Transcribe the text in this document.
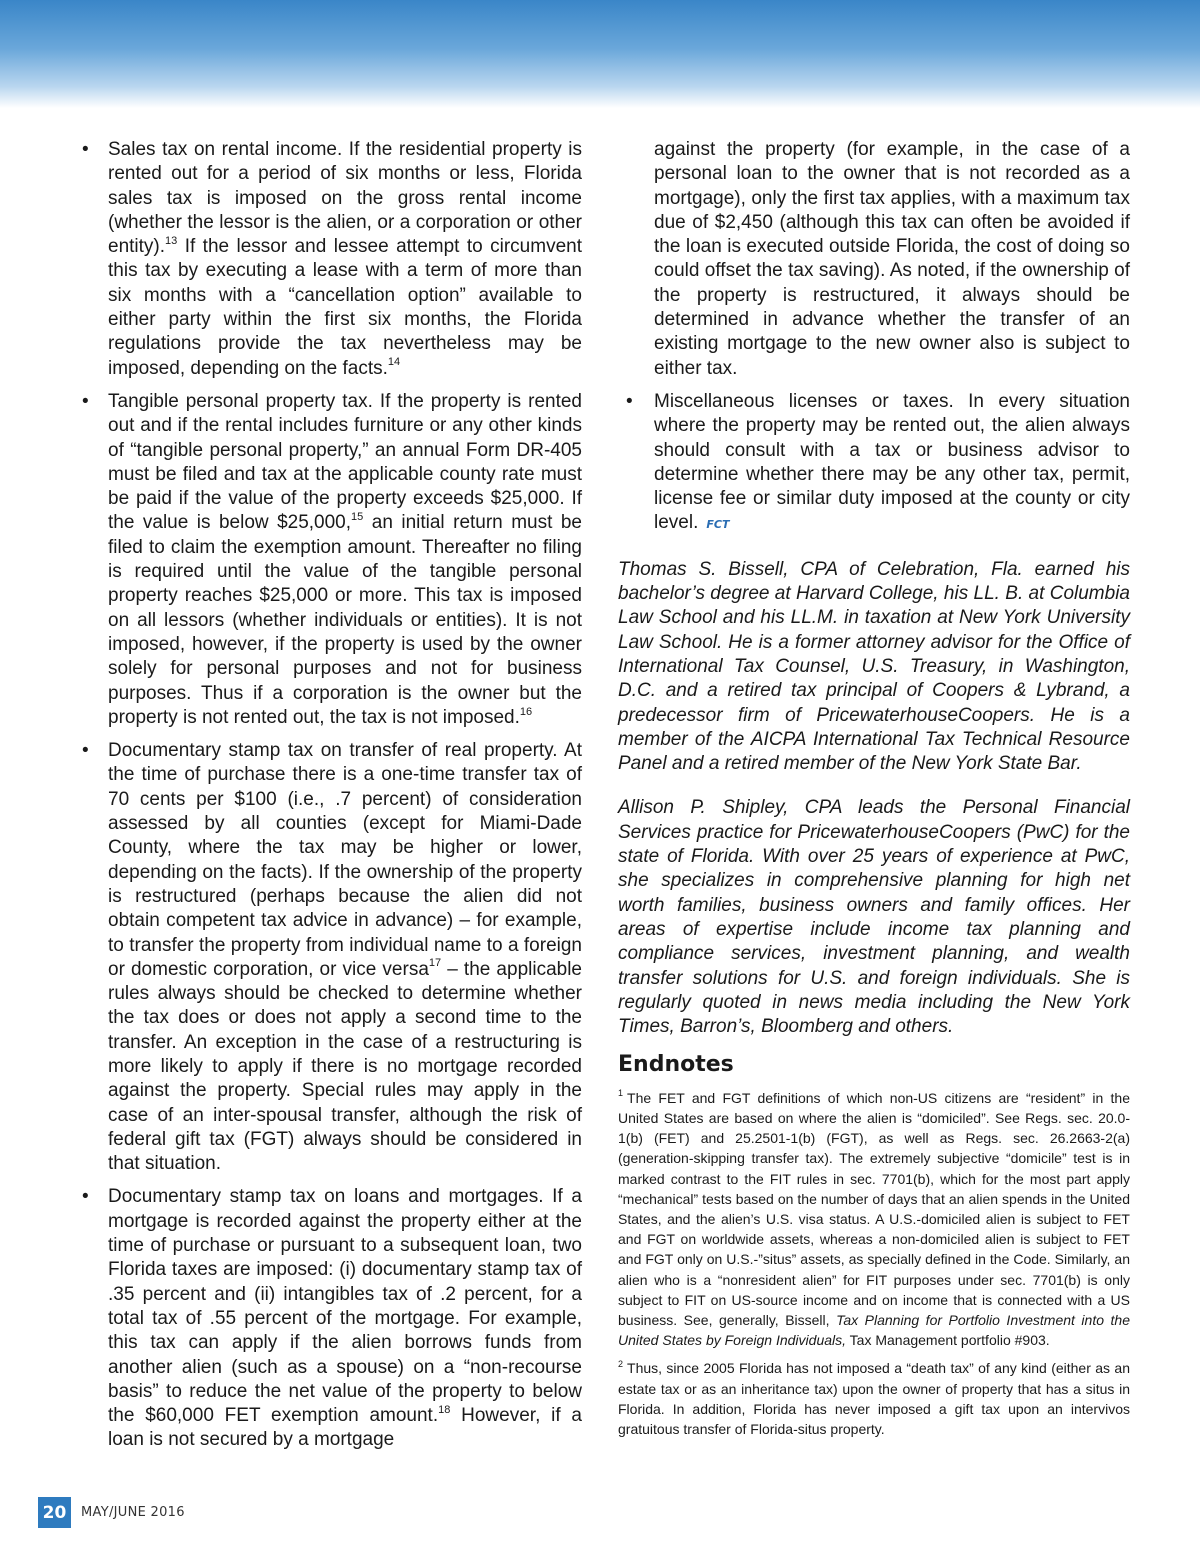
• Sales tax on rental income. If the residential property is rented out for a period of six months or less, Florida sales tax is imposed on the gross rental income (whether the lessor is the alien, or a corporation or other entity).$^{13}$ If the lessor and lessee attempt to circumvent this tax by executing a lease with a term of more than six months with a “cancellation option” available to either party within the first six months, the Florida regulations provide the tax nevertheless may be imposed, depending on the facts.$^{14}$

• Tangible personal property tax. If the property is rented out and if the rental includes furniture or any other kinds of “tangible personal property,” an annual Form DR-405 must be filed and tax at the applicable county rate must be paid if the value of the property exceeds $25,000. If the value is below $25,000,15 an initial return must be filed to claim the exemption amount. Thereafter no filing is required until the value of the tangible personal property reaches $25,000 or more. This tax is imposed on all lessors (whether individuals or entities). It is not imposed, however, if the property is used by the owner solely for personal purposes and not for business purposes. Thus if a corporation is the owner but the property is not rented out, the tax is not imposed.$^{16}$

• Documentary stamp tax on transfer of real property. At the time of purchase there is a one-time transfer tax of 70 cents per $100 (i.e., .7 percent) of consideration assessed by all counties (except for Miami-Dade County, where the tax may be higher or lower, depending on the facts). If the ownership of the property is restructured (perhaps because the alien did not obtain competent tax advice in advance) – for example, to transfer the property from individual name to a foreign or domestic corporation, or vice versa$^{17}$ – the applicable rules always should be checked to determine whether the tax does or does not apply a second time to the transfer. An exception in the case of a restructuring is more likely to apply if there is no mortgage recorded against the property. Special rules may apply in the case of an inter-spousal transfer, although the risk of federal gift tax (FGT) always should be considered in that situation.

• Documentary stamp tax on loans and mortgages. If a mortgage is recorded against the property either at the time of purchase or pursuant to a subsequent loan, two Florida taxes are imposed: (i) documentary stamp tax of .35 percent and (ii) intangibles tax of .2 percent, for a total tax of .55 percent of the mortgage. For example, this tax can apply if the alien borrows funds from another alien (such as a spouse) on a “non-recourse basis” to reduce the net value of the property to below the $60,000 FET exemption amount.$^{18}$ However, if a loan is not secured by a mortgage

against the property (for example, in the case of a personal loan to the owner that is not recorded as a mortgage), only the first tax applies, with a maximum tax due of $2,450 (although this tax can often be avoided if the loan is executed outside Florida, the cost of doing so could offset the tax saving). As noted, if the ownership of the property is restructured, it always should be determined in advance whether the transfer of an existing mortgage to the new owner also is subject to either tax.

• Miscellaneous licenses or taxes. In every situation where the property may be rented out, the alien always should consult with a tax or business advisor to determine whether there may be any other tax, permit, license fee or similar duty imposed at the county or city level. FCT

Thomas S. Bissell, CPA of Celebration, Fla. earned his bachelor’s degree at Harvard College, his LL. B. at Columbia Law School and his LL.M. in taxation at New York University Law School. He is a former attorney advisor for the Office of International Tax Counsel, U.S. Treasury, in Washington, D.C. and a retired tax principal of Coopers & Lybrand, a predecessor firm of PricewaterhouseCoopers. He is a member of the AICPA International Tax Technical Resource Panel and a retired member of the New York State Bar.

Allison P. Shipley, CPA leads the Personal Financial Services practice for PricewaterhouseCoopers (PwC) for the state of Florida. With over 25 years of experience at PwC, she specializes in comprehensive planning for high net worth families, business owners and family offices. Her areas of expertise include income tax planning and compliance services, investment planning, and wealth transfer solutions for U.S. and foreign individuals. She is regularly quoted in news media including the New York Times, Barron’s, Bloomberg and others.

Endnotes

$^1$ The FET and FGT definitions of which non-US citizens are “resident” in the United States are based on where the alien is “domiciled”. See Regs. sec. 20.0-1(b) (FET) and 25.2501-1(b) (FGT), as well as Regs. sec. 26.2663-2(a) (generation-skipping transfer tax). The extremely subjective “domicile” test is in marked contrast to the FIT rules in sec. 7701(b), which for the most part apply “mechanical” tests based on the number of days that an alien spends in the United States, and the alien’s U.S. visa status. A U.S.-domiciled alien is subject to FET and FGT on worldwide assets, whereas a non-domiciled alien is subject to FET and FGT only on U.S.-”situs” assets, as specially defined in the Code. Similarly, an alien who is a “nonresident alien” for FIT purposes under sec. 7701(b) is only subject to FIT on US-source income and on income that is connected with a US business. See, generally, Bissell, Tax Planning for Portfolio Investment into the United States by Foreign Individuals, Tax Management portfolio #903.

$^2$ Thus, since 2005 Florida has not imposed a “death tax” of any kind (either as an estate tax or as an inheritance tax) upon the owner of property that has a situs in Florida. In addition, Florida has never imposed a gift tax upon an intervivos gratuitous transfer of Florida-situs property.

20	MAY/JUNE 2016
